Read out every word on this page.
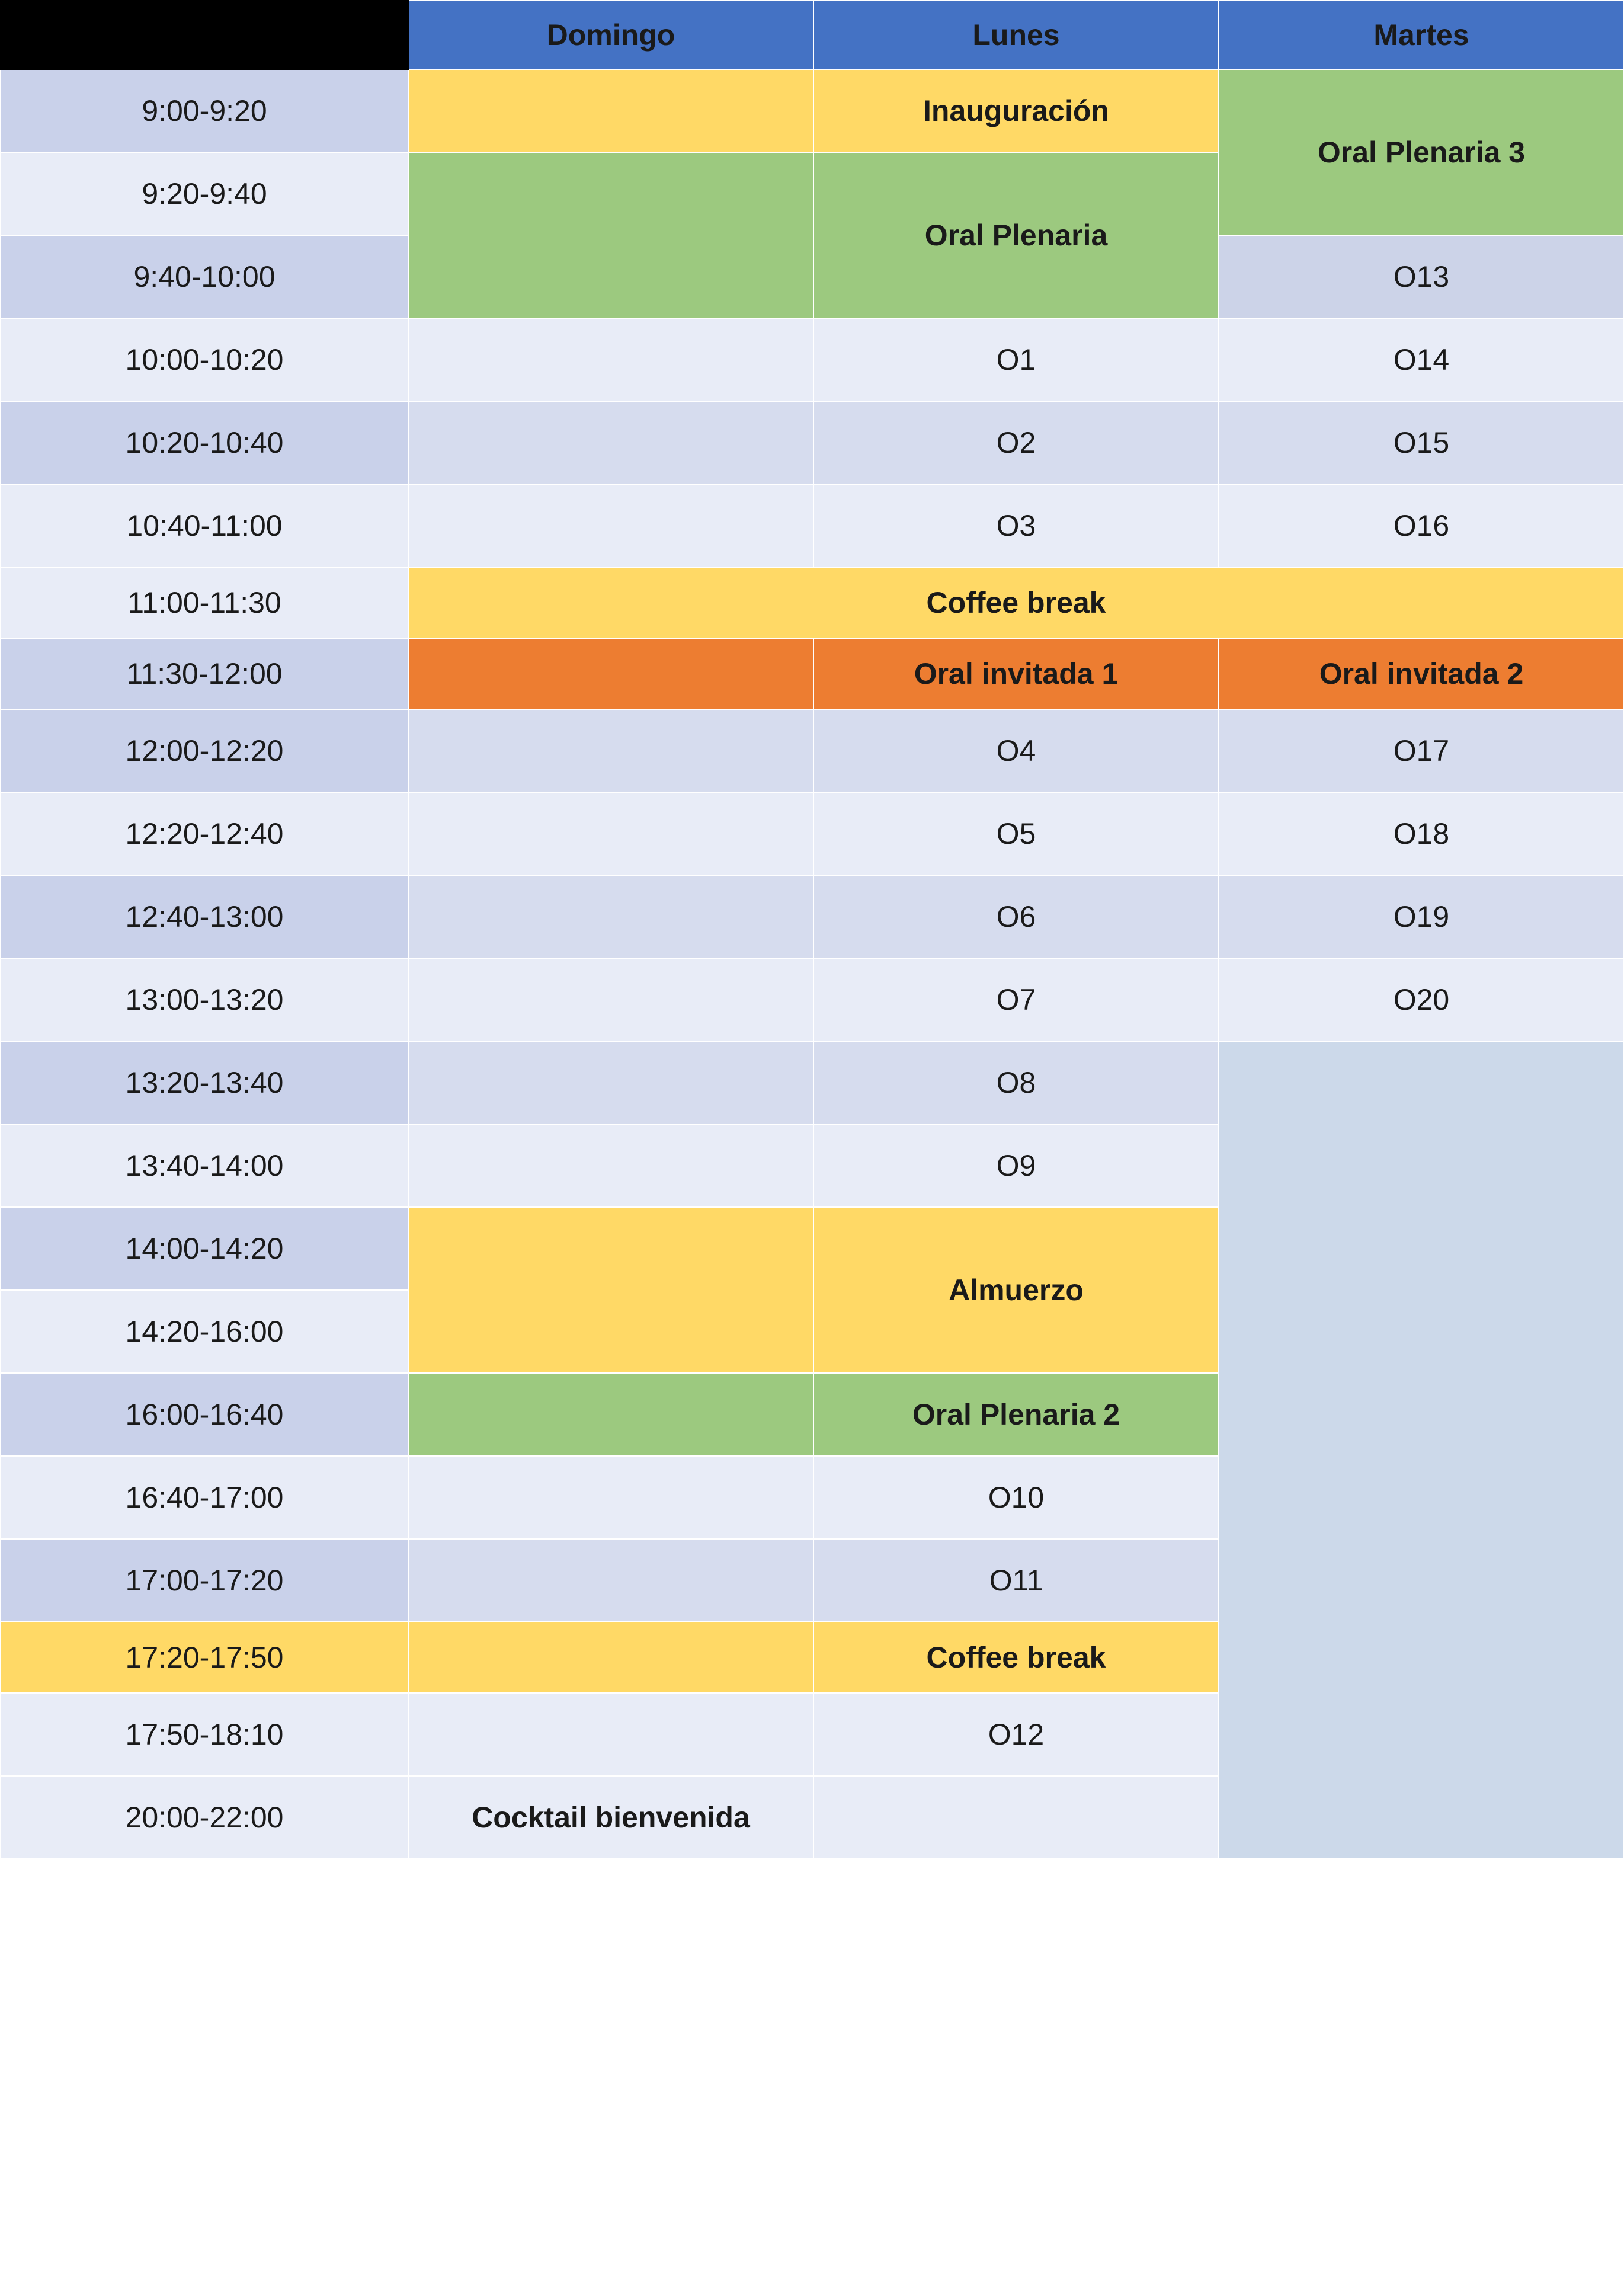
	Domingo	Lunes	Martes
9:00-9:20		Inauguración	Oral Plenaria 3
9:20-9:40		Oral Plenaria	
9:40-10:00			O13
10:00-10:20		O1	O14
10:20-10:40		O2	O15
10:40-11:00		O3	O16
11:00-11:30	Coffee break		
11:30-12:00		Oral invitada 1	Oral invitada 2
12:00-12:20		O4	O17
12:20-12:40		O5	O18
12:40-13:00		O6	O19
13:00-13:20		O7	O20
13:20-13:40		O8	
13:40-14:00		O9	
14:00-14:20		Almuerzo	
14:20-16:00			
16:00-16:40		Oral Plenaria 2	
16:40-17:00		O10	
17:00-17:20		O11	
17:20-17:50		Coffee break	
17:50-18:10		O12	
20:00-22:00	Cocktail bienvenida		
